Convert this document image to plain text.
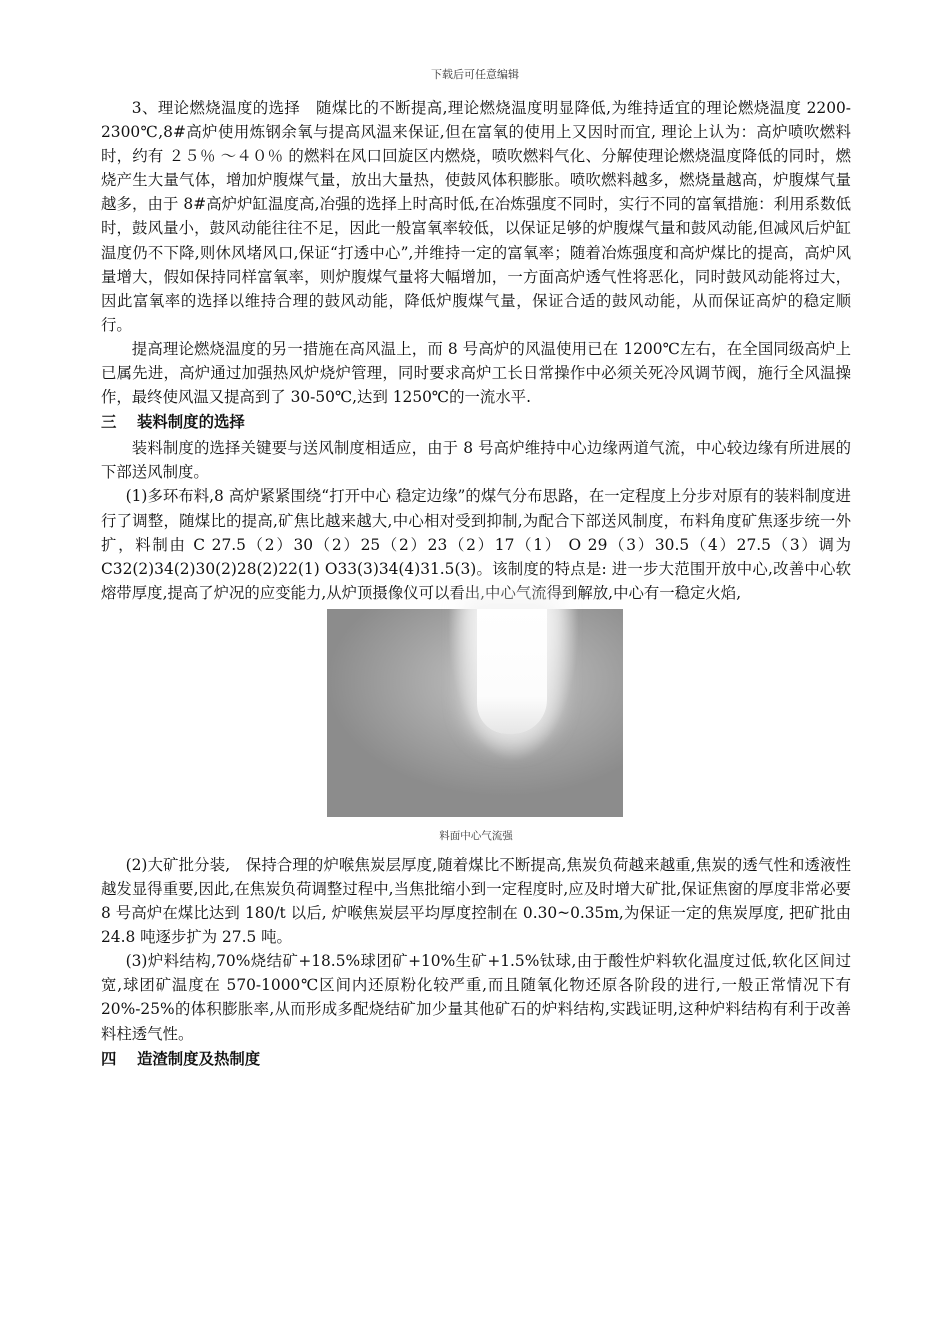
下载后可任意编辑

3、理论燃烧温度的选择　随煤比的不断提高,理论燃烧温度明显降低,为维持适宜的理论燃烧温度 2200-2300℃,8#高炉使用炼钢余氧与提高风温来保证,但在富氧的使用上又因时而宜, 理论上认为：高炉喷吹燃料时，约有 ２５％ ～４０％ 的燃料在风口回旋区内燃烧，喷吹燃料气化、分解使理论燃烧温度降低的同时，燃烧产生大量气体，增加炉腹煤气量，放出大量热，使鼓风体积膨胀。喷吹燃料越多，燃烧量越高，炉腹煤气量越多，由于 8#高炉炉缸温度高,冶强的选择上时高时低,在冶炼强度不同时，实行不同的富氧措施：利用系数低时，鼓风量小，鼓风动能往往不足，因此一般富氧率较低，以保证足够的炉腹煤气量和鼓风动能,但减风后炉缸温度仍不下降,则休风堵风口,保证“打透中心”,并维持一定的富氧率；随着冶炼强度和高炉煤比的提高，高炉风量增大，假如保持同样富氧率，则炉腹煤气量将大幅增加，一方面高炉透气性将恶化，同时鼓风动能将过大，因此富氧率的选择以维持合理的鼓风动能，降低炉腹煤气量，保证合适的鼓风动能，从而保证高炉的稳定顺行。

提高理论燃烧温度的另一措施在高风温上，而 8 号高炉的风温使用已在 1200℃左右，在全国同级高炉上已属先进，高炉通过加强热风炉烧炉管理，同时要求高炉工长日常操作中必须关死冷风调节阀，施行全风温操作，最终使风温又提高到了 30-50℃,达到 1250℃的一流水平.

三 装料制度的选择

装料制度的选择关键要与送风制度相适应，由于 8 号高炉维持中心边缘两道气流，中心较边缘有所进展的下部送风制度。

(1)多环布料,8 高炉紧紧围绕“打开中心 稳定边缘”的煤气分布思路，在一定程度上分步对原有的装料制度进行了调整，随煤比的提高,矿焦比越来越大,中心相对受到抑制,为配合下部送风制度，布料角度矿焦逐步统一外扩，料制由 C 27.5（2）30（2）25（2）23（2）17（1） O 29（3）30.5（4）27.5（3）调为C32(2)34(2)30(2)28(2)22(1) O33(3)34(4)31.5(3)。该制度的特点是: 进一步大范围开放中心,改善中心软熔带厚度,提高了炉况的应变能力,从炉顶摄像仪可以看出,中心气流得到解放,中心有一稳定火焰,

料面中心气流强

(2)大矿批分装,　保持合理的炉喉焦炭层厚度,随着煤比不断提高,焦炭负荷越来越重,焦炭的透气性和透液性越发显得重要,因此,在焦炭负荷调整过程中,当焦批缩小到一定程度时,应及时增大矿批,保证焦窗的厚度非常必要 8 号高炉在煤比达到 180/t 以后, 炉喉焦炭层平均厚度控制在 0.30~0.35m,为保证一定的焦炭厚度, 把矿批由 24.8 吨逐步扩为 27.5 吨。

(3)炉料结构,70%烧结矿+18.5%球团矿+10%生矿+1.5%钛球,由于酸性炉料软化温度过低,软化区间过宽,球团矿温度在 570-1000℃区间内还原粉化较严重,而且随氧化物还原各阶段的进行,一般正常情况下有 20%-25%的体积膨胀率,从而形成多配烧结矿加少量其他矿石的炉料结构,实践证明,这种炉料结构有利于改善料柱透气性。

四 造渣制度及热制度
